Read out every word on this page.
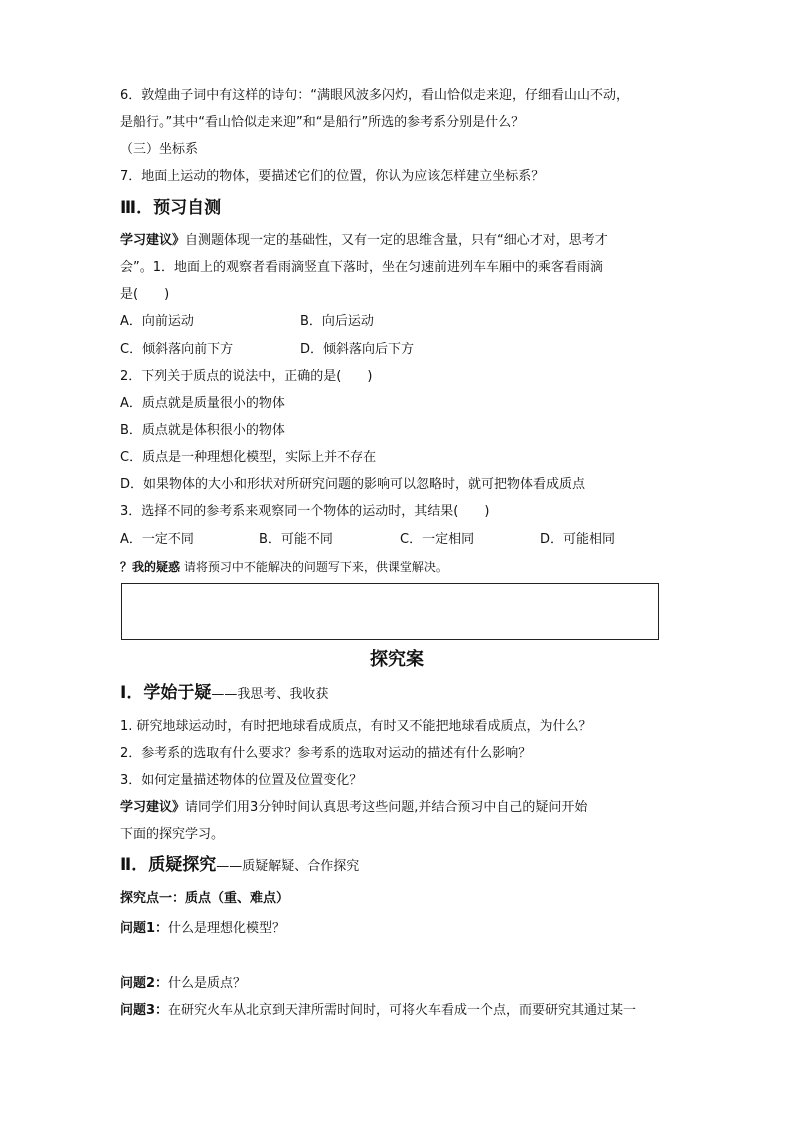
6．敦煌曲子词中有这样的诗句：“满眼风波多闪灼，看山恰似走来迎，仔细看山山不动，
是船行。”其中“看山恰似走来迎”和“是船行”所选的参考系分别是什么？
（三）坐标系
7．地面上运动的物体，要描述它们的位置，你认为应该怎样建立坐标系？
Ⅲ．预习自测
学习建议》自测题体现一定的基础性，又有一定的思维含量，只有“细心才对，思考才
会”。1．地面上的观察者看雨滴竖直下落时，坐在匀速前进列车车厢中的乘客看雨滴
是(　　)
A．向前运动	B．向后运动
C．倾斜落向前下方	D．倾斜落向后下方
2．下列关于质点的说法中，正确的是(　　)
A．质点就是质量很小的物体
B．质点就是体积很小的物体
C．质点是一种理想化模型，实际上并不存在
D．如果物体的大小和形状对所研究问题的影响可以忽略时，就可把物体看成质点
3．选择不同的参考系来观察同一个物体的运动时，其结果(　　)
A．一定不同	B．可能不同	C．一定相同	D．可能相同
？我的疑惑 请将预习中不能解决的问题写下来，供课堂解决。
探究案
Ⅰ．学始于疑——我思考、我收获
1. 研究地球运动时，有时把地球看成质点，有时又不能把地球看成质点，为什么？
2．参考系的选取有什么要求？参考系的选取对运动的描述有什么影响？
3．如何定量描述物体的位置及位置变化？
学习建议》请同学们用3分钟时间认真思考这些问题,并结合预习中自己的疑问开始
下面的探究学习。
Ⅱ．质疑探究——质疑解疑、合作探究
探究点一：质点（重、难点）
问题1：什么是理想化模型？
问题2：什么是质点？
问题3：在研究火车从北京到天津所需时间时，可将火车看成一个点，而要研究其通过某一
